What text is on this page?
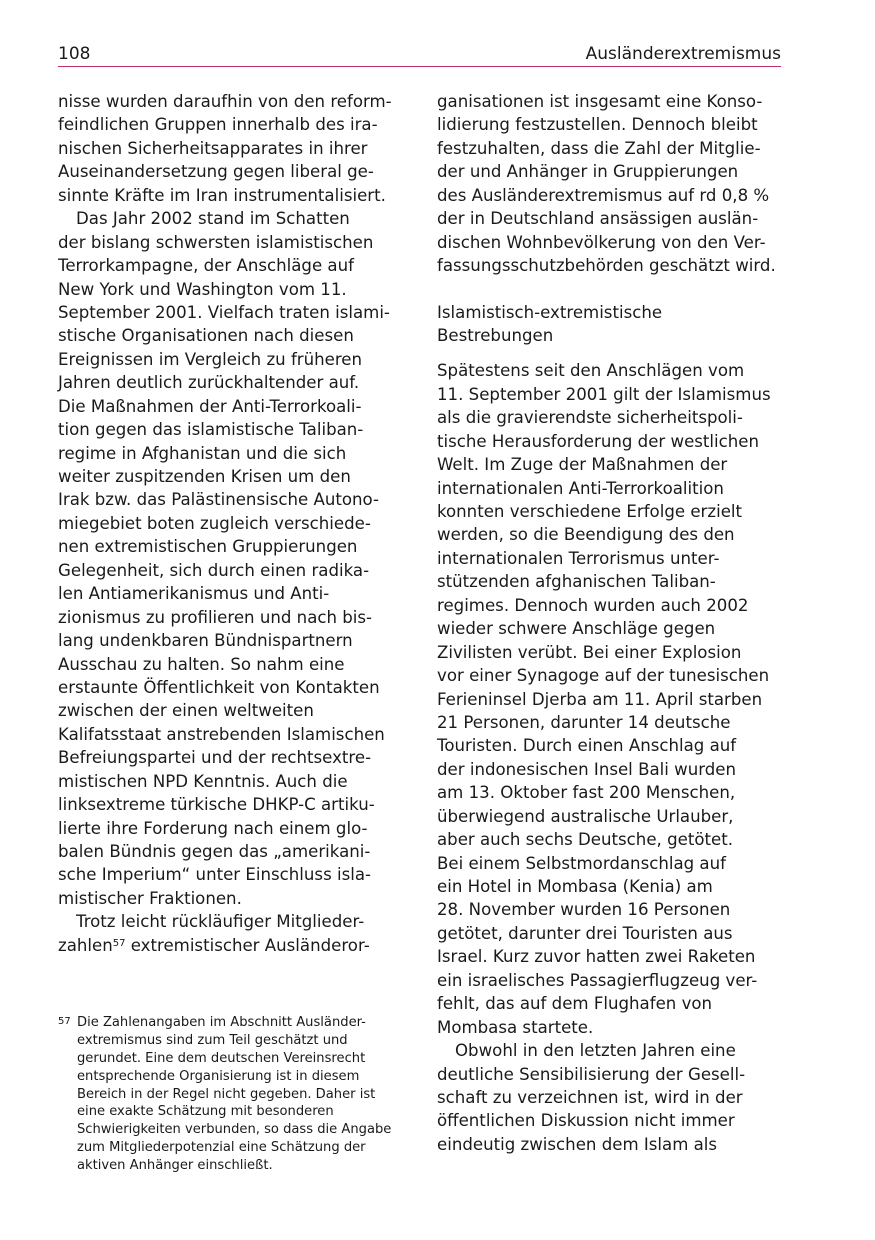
108	Ausländerextremismus
nisse wurden daraufhin von den reform-
feindlichen Gruppen innerhalb des ira-
nischen Sicherheitsapparates in ihrer
Auseinandersetzung gegen liberal ge-
sinnte Kräfte im Iran instrumentalisiert.
Das Jahr 2002 stand im Schatten
der bislang schwersten islamistischen
Terrorkampagne, der Anschläge auf
New York und Washington vom 11.
September 2001. Vielfach traten islami-
stische Organisationen nach diesen
Ereignissen im Vergleich zu früheren
Jahren deutlich zurückhaltender auf.
Die Maßnahmen der Anti-Terrorkoali-
tion gegen das islamistische Taliban-
regime in Afghanistan und die sich
weiter zuspitzenden Krisen um den
Irak bzw. das Palästinensische Autono-
miegebiet boten zugleich verschiede-
nen extremistischen Gruppierungen
Gelegenheit, sich durch einen radika-
len Antiamerikanismus und Anti-
zionismus zu profilieren und nach bis-
lang undenkbaren Bündnispartnern
Ausschau zu halten. So nahm eine
erstaunte Öffentlichkeit von Kontakten
zwischen der einen weltweiten
Kalifatsstaat anstrebenden Islamischen
Befreiungspartei und der rechtsextre-
mistischen NPD Kenntnis. Auch die
linksextreme türkische DHKP-C artiku-
lierte ihre Forderung nach einem glo-
balen Bündnis gegen das „amerikani-
sche Imperium“ unter Einschluss isla-
mistischer Fraktionen.
Trotz leicht rückläufiger Mitglieder-
zahlen$^{57}$ extremistischer Ausländeror-
57 Die Zahlenangaben im Abschnitt Ausländer-
extremismus sind zum Teil geschätzt und
gerundet. Eine dem deutschen Vereinsrecht
entsprechende Organisierung ist in diesem
Bereich in der Regel nicht gegeben. Daher ist
eine exakte Schätzung mit besonderen
Schwierigkeiten verbunden, so dass die Angabe
zum Mitgliederpotenzial eine Schätzung der
aktiven Anhänger einschließt.
ganisationen ist insgesamt eine Konso-
lidierung festzustellen. Dennoch bleibt
festzuhalten, dass die Zahl der Mitglie-
der und Anhänger in Gruppierungen
des Ausländerextremismus auf rd 0,8 %
der in Deutschland ansässigen auslän-
dischen Wohnbevölkerung von den Ver-
fassungsschutzbehörden geschätzt wird.
Islamistisch-extremistische
Bestrebungen
Spätestens seit den Anschlägen vom
11. September 2001 gilt der Islamismus
als die gravierendste sicherheitspoli-
tische Herausforderung der westlichen
Welt. Im Zuge der Maßnahmen der
internationalen Anti-Terrorkoalition
konnten verschiedene Erfolge erzielt
werden, so die Beendigung des den
internationalen Terrorismus unter-
stützenden afghanischen Taliban-
regimes. Dennoch wurden auch 2002
wieder schwere Anschläge gegen
Zivilisten verübt. Bei einer Explosion
vor einer Synagoge auf der tunesischen
Ferieninsel Djerba am 11. April starben
21 Personen, darunter 14 deutsche
Touristen. Durch einen Anschlag auf
der indonesischen Insel Bali wurden
am 13. Oktober fast 200 Menschen,
überwiegend australische Urlauber,
aber auch sechs Deutsche, getötet.
Bei einem Selbstmordanschlag auf
ein Hotel in Mombasa (Kenia) am
28. November wurden 16 Personen
getötet, darunter drei Touristen aus
Israel. Kurz zuvor hatten zwei Raketen
ein israelisches Passagierflugzeug ver-
fehlt, das auf dem Flughafen von
Mombasa startete.
Obwohl in den letzten Jahren eine
deutliche Sensibilisierung der Gesell-
schaft zu verzeichnen ist, wird in der
öffentlichen Diskussion nicht immer
eindeutig zwischen dem Islam als
